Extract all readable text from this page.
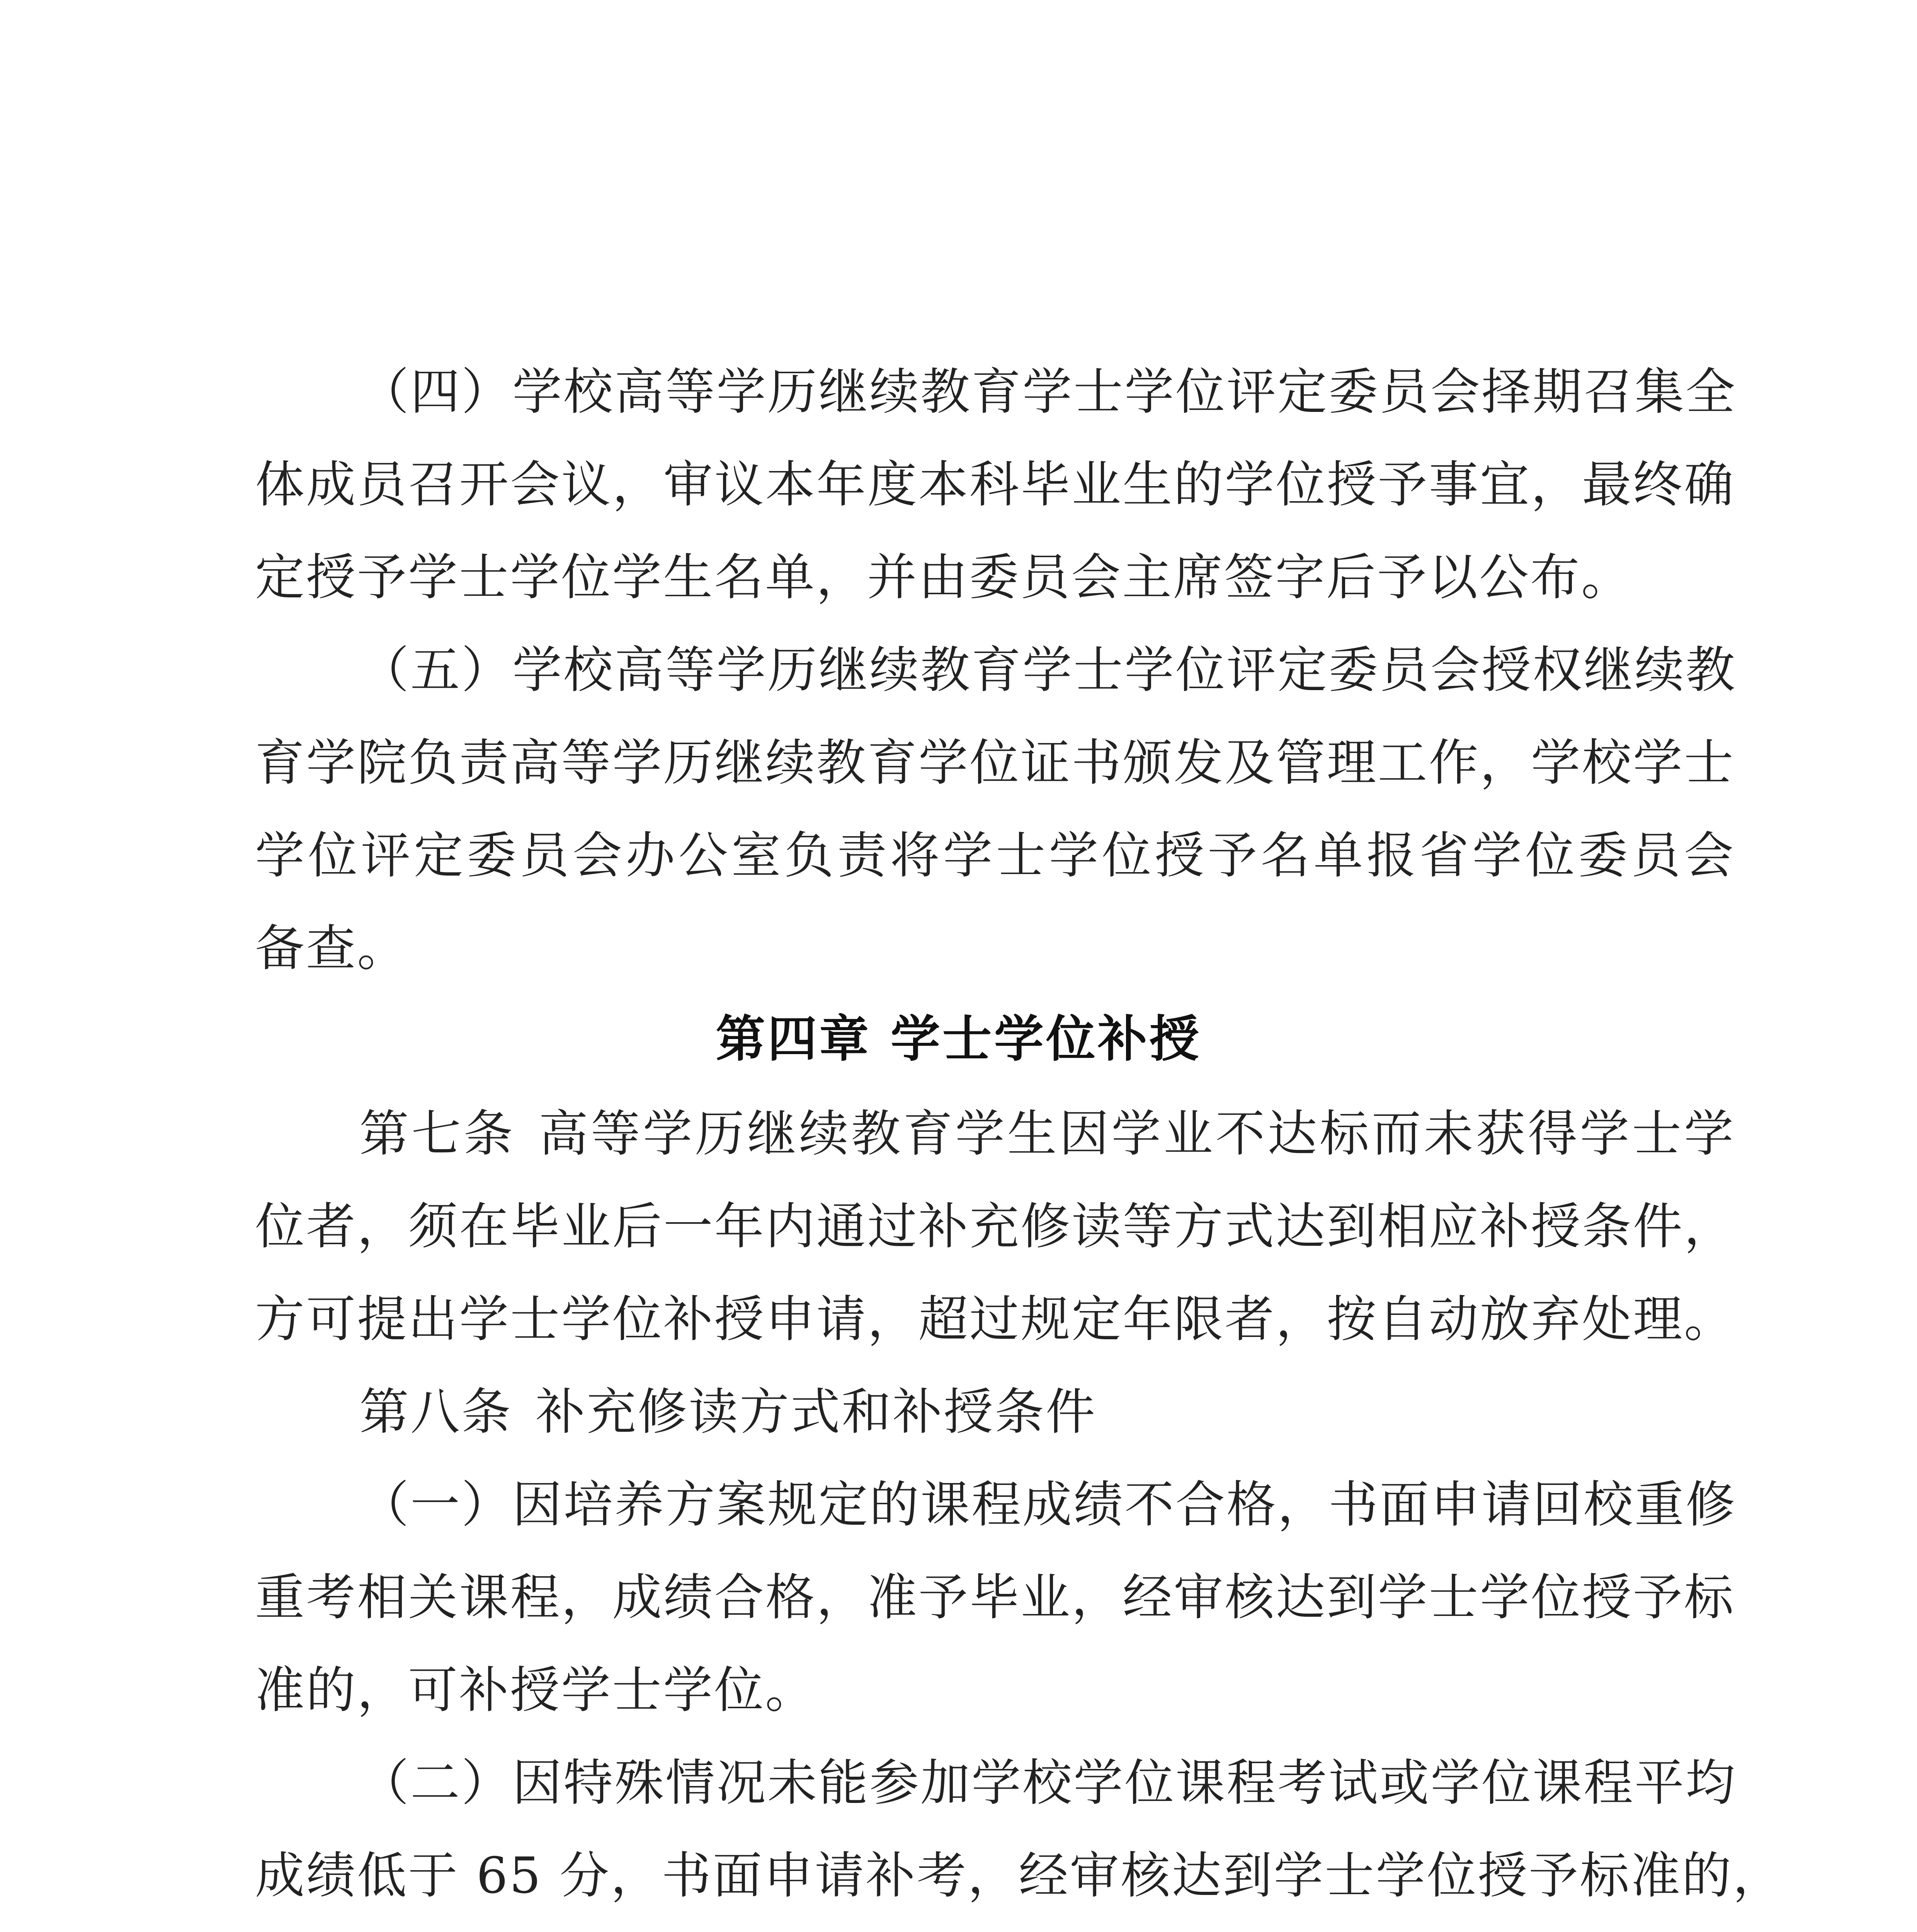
（四）学校高等学历继续教育学士学位评定委员会择期召集全
体成员召开会议，审议本年度本科毕业生的学位授予事宜，最终确
定授予学士学位学生名单，并由委员会主席签字后予以公布。
（五）学校高等学历继续教育学士学位评定委员会授权继续教
育学院负责高等学历继续教育学位证书颁发及管理工作，学校学士
学位评定委员会办公室负责将学士学位授予名单报省学位委员会
备查。
第四章 学士学位补授
第七条 高等学历继续教育学生因学业不达标而未获得学士学
位者，须在毕业后一年内通过补充修读等方式达到相应补授条件，
方可提出学士学位补授申请，超过规定年限者，按自动放弃处理。
第八条 补充修读方式和补授条件
（一）因培养方案规定的课程成绩不合格，书面申请回校重修
重考相关课程，成绩合格，准予毕业，经审核达到学士学位授予标
准的，可补授学士学位。
（二）因特殊情况未能参加学校学位课程考试或学位课程平均
成绩低于 65 分，书面申请补考，经审核达到学士学位授予标准的，
